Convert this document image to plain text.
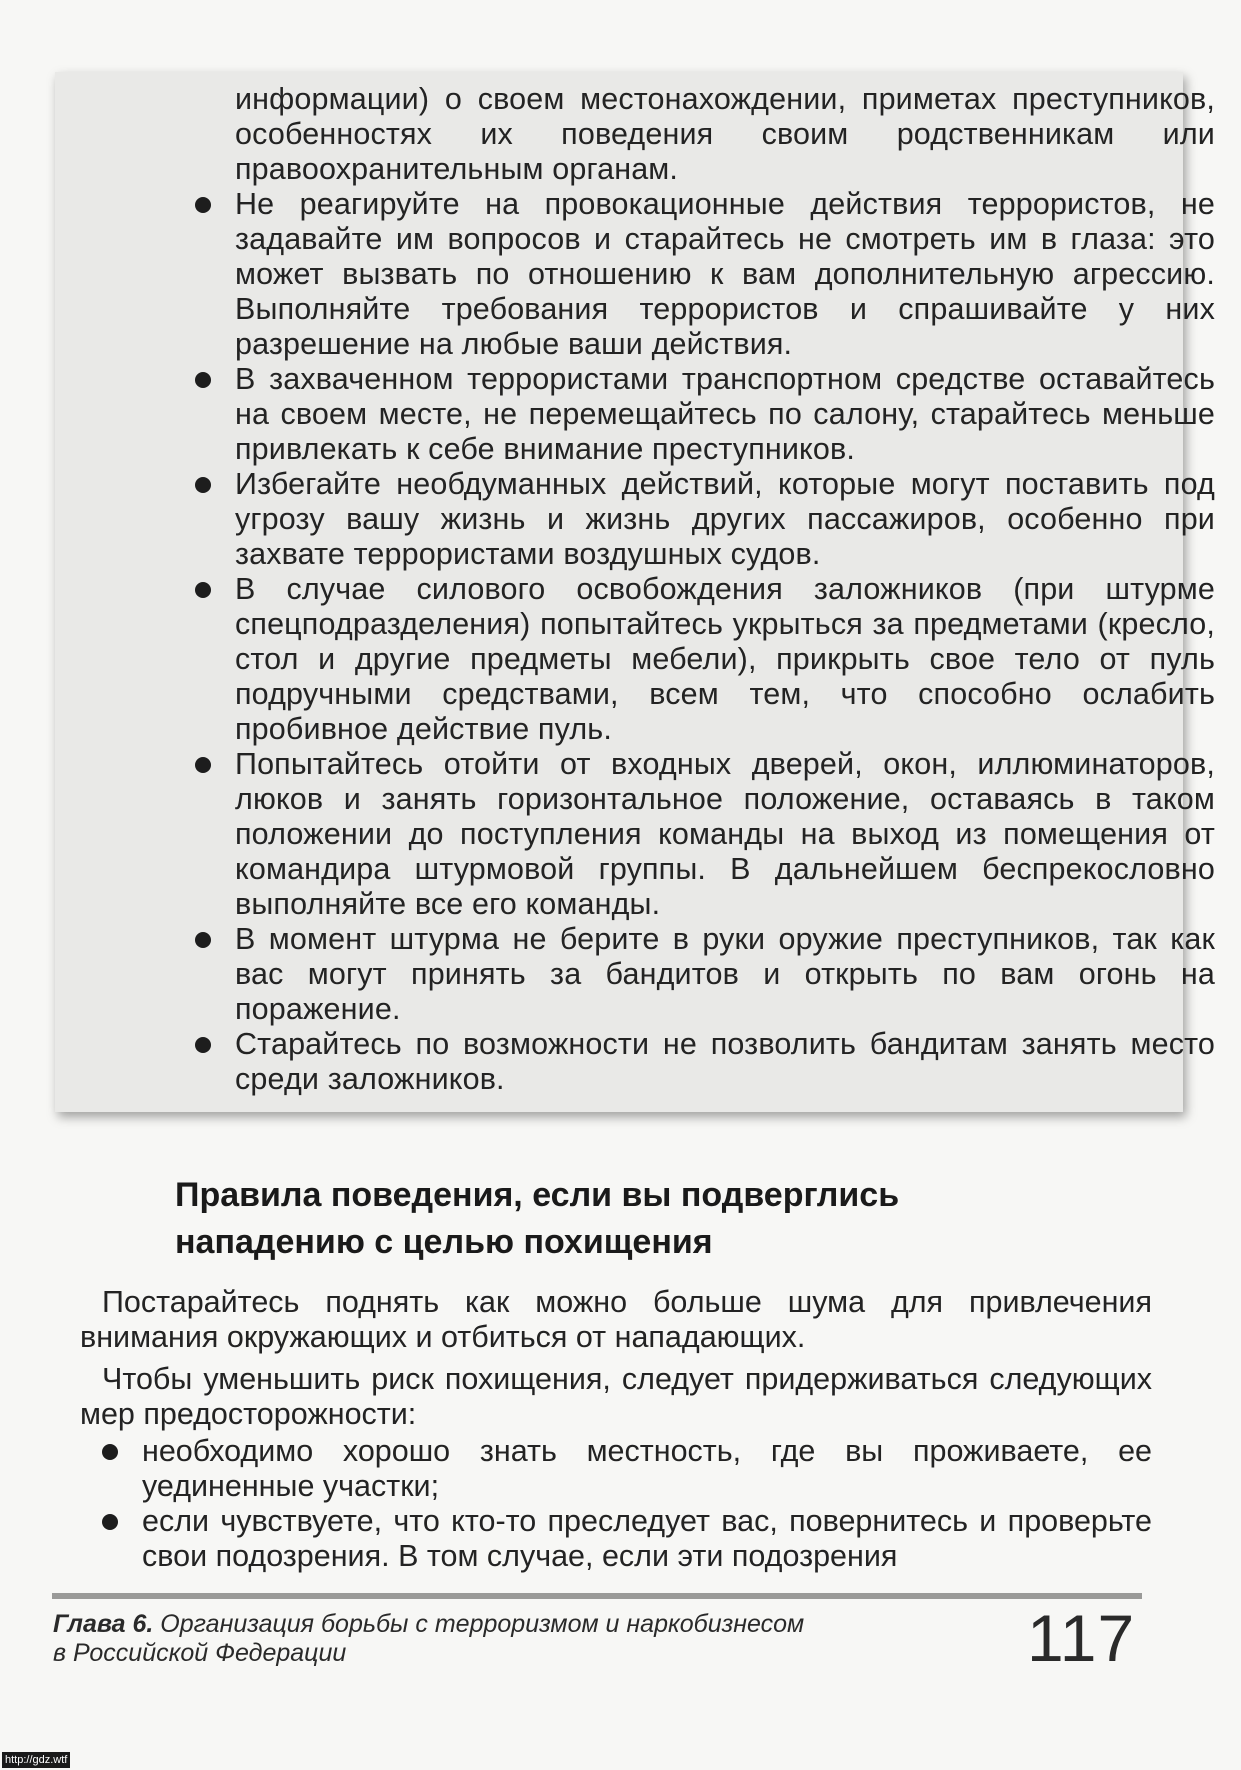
информации) о своем местонахождении, приметах преступников, особенностях их поведения своим родственникам или правоохранительным органам.

Не реагируйте на провокационные действия террористов, не задавайте им вопросов и старайтесь не смотреть им в глаза: это может вызвать по отношению к вам дополнительную агрессию. Выполняйте требования террористов и спрашивайте у них разрешение на любые ваши действия.

В захваченном террористами транспортном средстве оставайтесь на своем месте, не перемещайтесь по салону, старайтесь меньше привлекать к себе внимание преступников.

Избегайте необдуманных действий, которые могут поставить под угрозу вашу жизнь и жизнь других пассажиров, особенно при захвате террористами воздушных судов.

В случае силового освобождения заложников (при штурме спецподразделения) попытайтесь укрыться за предметами (кресло, стол и другие предметы мебели), прикрыть свое тело от пуль подручными средствами, всем тем, что способно ослабить пробивное действие пуль.

Попытайтесь отойти от входных дверей, окон, иллюминаторов, люков и занять горизонтальное положение, оставаясь в таком положении до поступления команды на выход из помещения от командира штурмовой группы. В дальнейшем беспрекословно выполняйте все его команды.

В момент штурма не берите в руки оружие преступников, так как вас могут принять за бандитов и открыть по вам огонь на поражение.

Старайтесь по возможности не позволить бандитам занять место среди заложников.

Правила поведения, если вы подверглись
нападению с целью похищения

Постарайтесь поднять как можно больше шума для привлечения внимания окружающих и отбиться от нападающих.

Чтобы уменьшить риск похищения, следует придерживаться следующих мер предосторожности:

необходимо хорошо знать местность, где вы проживаете, ее уединенные участки;

если чувствуете, что кто-то преследует вас, повернитесь и проверьте свои подозрения. В том случае, если эти подозрения

Глава 6. Организация борьбы с терроризмом и наркобизнесом
в Российской Федерации	117
http://gdz.wtf
